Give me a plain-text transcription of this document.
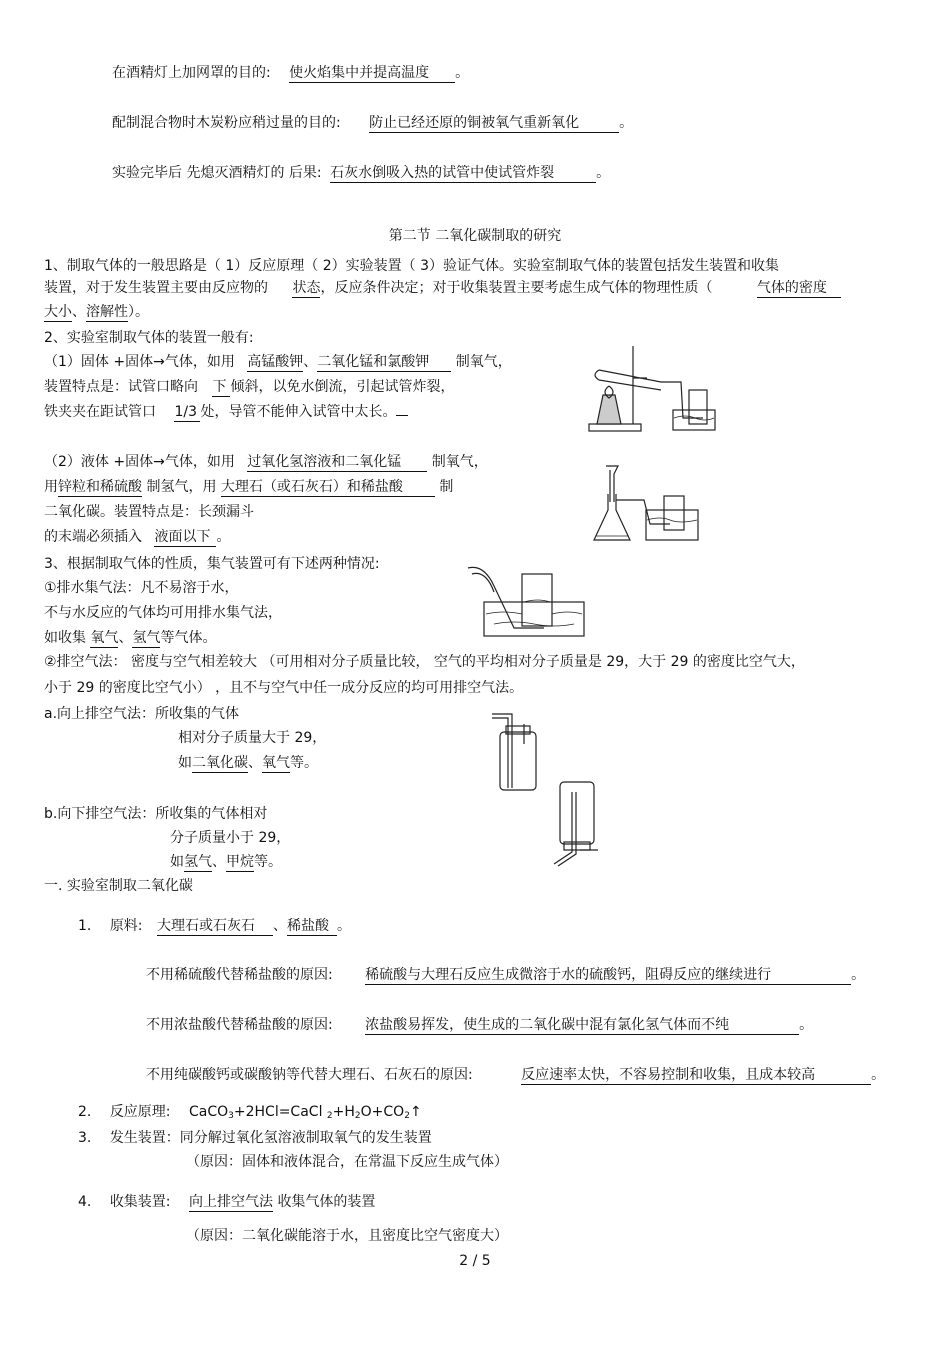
在酒精灯上加网罩的目的: 使火焰集中并提高温度 。
配制混合物时木炭粉应稍过量的目的: 防止已经还原的铜被氧气重新氧化	。
实验完毕后 先熄灭酒精灯的 后果: 石灰水倒吸入热的试管中使试管炸裂	。
第二节 二氧化碳制取的研究
1、制取气体的一般思路是（ 1）反应原理（ 2）实验装置（ 3）验证气体。实验室制取气体的装置包括发生装置和收集
装置，对于发生装置主要由反应物的 状态，反应条件决定；对于收集装置主要考虑生成气体的物理性质（	气体的密度
大小、溶解性）。
2、实验室制取气体的装置一般有:
（1）固体 +固体→气体，如用 高锰酸钾、二氧化锰和氯酸钾 制氧气，
装置特点是：试管口略向 下 倾斜，以免水倒流，引起试管炸裂，
铁夹夹在距试管口 1/3 处，导管不能伸入试管中太长。
（2）液体 +固体→气体，如用 过氧化氢溶液和二氧化锰 制氧气，
用锌粒和稀硫酸 制氢气，用 大理石（或石灰石）和稀盐酸	制
二氧化碳。装置特点是：长颈漏斗
的末端必须插入 液面以下 。
3、根据制取气体的性质，集气装置可有下述两种情况:
①排水集气法：凡不易溶于水，
不与水反应的气体均可用排水集气法，
如收集 氧气、氢气等气体。
②排空气法： 密度与空气相差较大 （可用相对分子质量比较， 空气的平均相对分子质量是 29，大于 29 的密度比空气大，
小于 29 的密度比空气小） ，且不与空气中任一成分反应的均可用排空气法。
a.向上排空气法：所收集的气体
相对分子质量大于 29，
如二氧化碳、氧气等。
b.向下排空气法：所收集的气体相对
分子质量小于 29，
如氢气、甲烷等。
一. 实验室制取二氧化碳
1. 原料: 大理石或石灰石 、稀盐酸 。
不用稀硫酸代替稀盐酸的原因: 稀硫酸与大理石反应生成微溶于水的硫酸钙，阻碍反应的继续进行	。
不用浓盐酸代替稀盐酸的原因: 浓盐酸易挥发，使生成的二氧化碳中混有氯化氢气体而不纯	。
不用纯碳酸钙或碳酸钠等代替大理石、石灰石的原因:	反应速率太快，不容易控制和收集，且成本较高	。
2. 反应原理: CaCO$_3$+2HCl=CaCl $_2+H_2O+CO_2↑$
3. 发生装置：同分解过氧化氢溶液制取氧气的发生装置
（原因：固体和液体混合，在常温下反应生成气体）
4. 收集装置: 向上排空气法 收集气体的装置
（原因：二氧化碳能溶于水，且密度比空气密度大）
2 / 5
